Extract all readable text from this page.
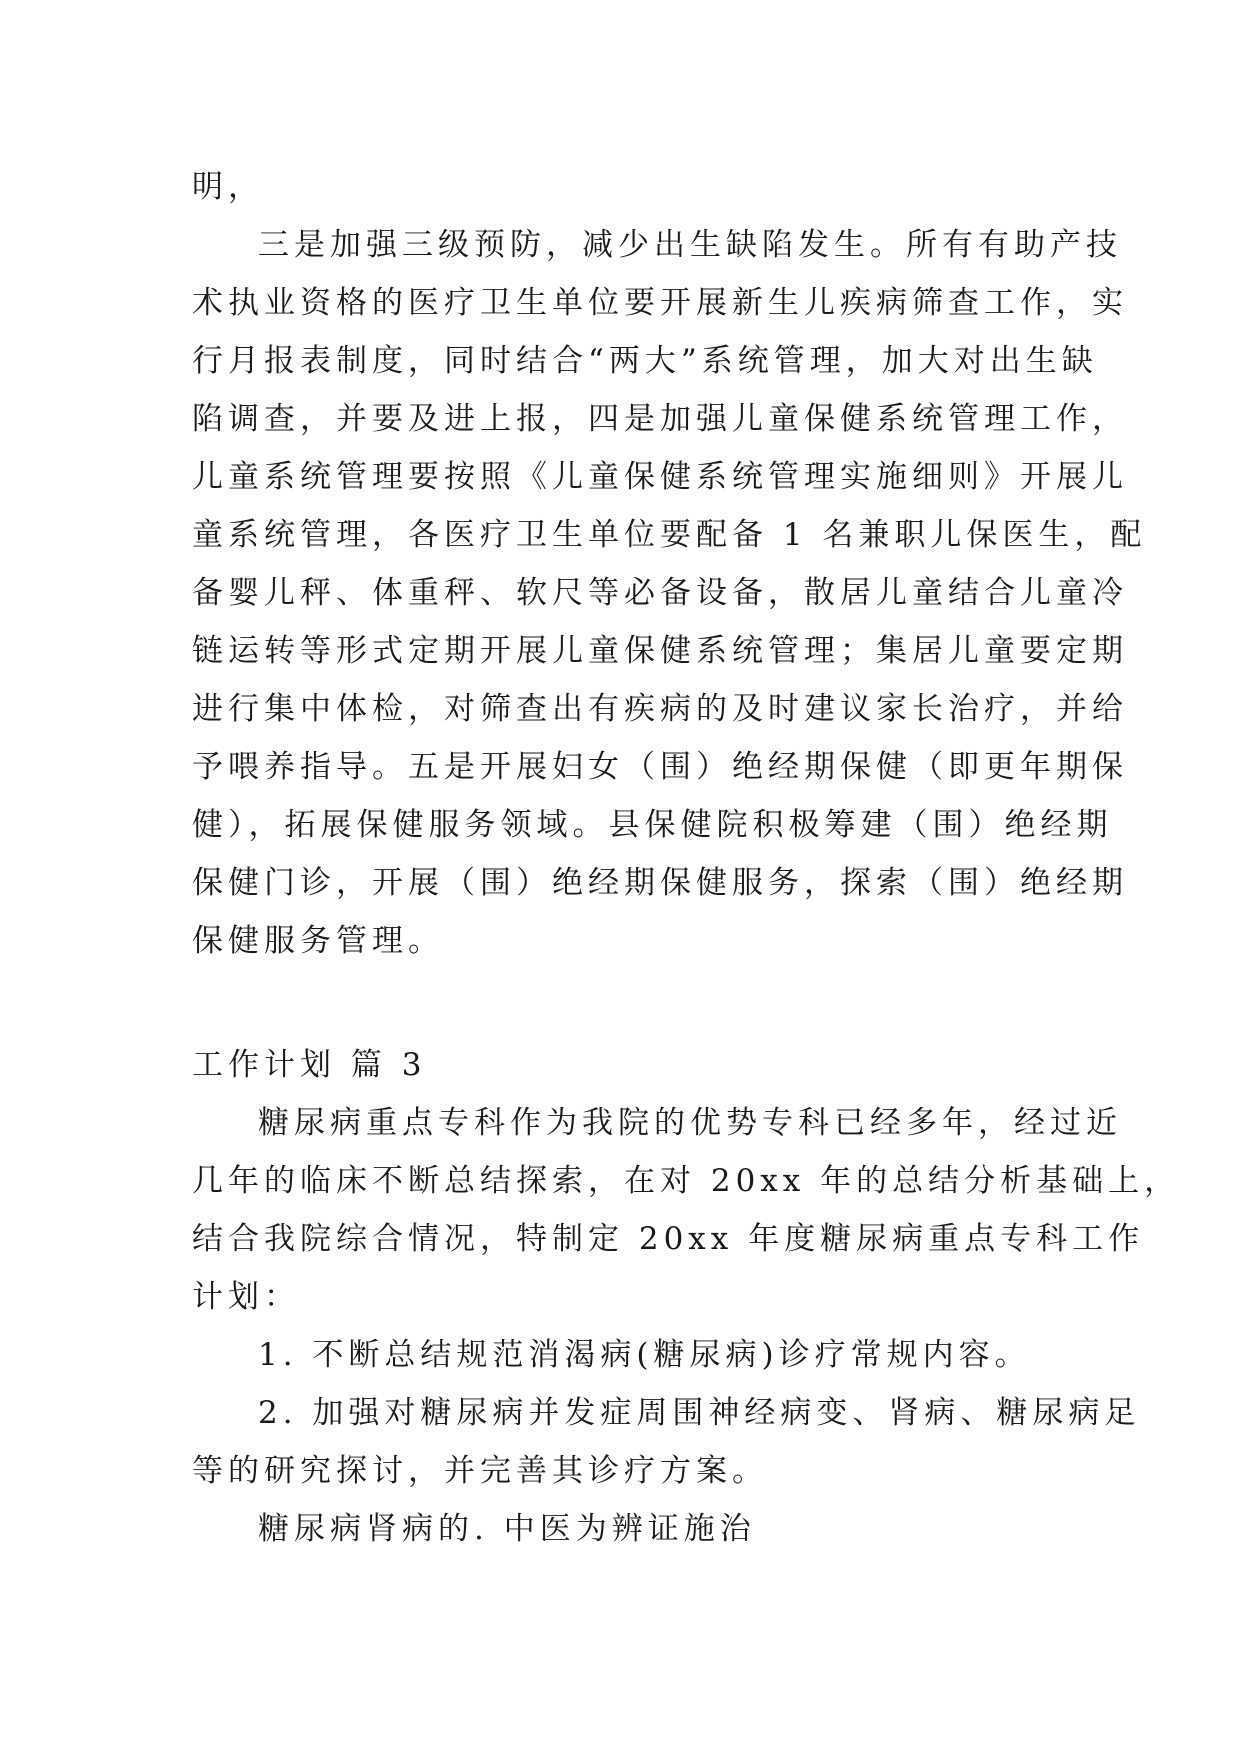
明，
三是加强三级预防，减少出生缺陷发生。所有有助产技
术执业资格的医疗卫生单位要开展新生儿疾病筛查工作，实
行月报表制度，同时结合“两大”系统管理，加大对出生缺
陷调查，并要及进上报，四是加强儿童保健系统管理工作，
儿童系统管理要按照《儿童保健系统管理实施细则》开展儿
童系统管理，各医疗卫生单位要配备 1 名兼职儿保医生，配
备婴儿秤、体重秤、软尺等必备设备，散居儿童结合儿童冷
链运转等形式定期开展儿童保健系统管理；集居儿童要定期
进行集中体检，对筛查出有疾病的及时建议家长治疗，并给
予喂养指导。五是开展妇女（围）绝经期保健（即更年期保
健），拓展保健服务领域。县保健院积极筹建（围）绝经期
保健门诊，开展（围）绝经期保健服务，探索（围）绝经期
保健服务管理。
工作计划 篇 3
糖尿病重点专科作为我院的优势专科已经多年，经过近
几年的临床不断总结探索，在对 20xx 年的总结分析基础上，
结合我院综合情况，特制定 20xx 年度糖尿病重点专科工作
计划：
1. 不断总结规范消渴病(糖尿病)诊疗常规内容。
2. 加强对糖尿病并发症周围神经病变、肾病、糖尿病足
等的研究探讨，并完善其诊疗方案。
糖尿病肾病的. 中医为辨证施治
